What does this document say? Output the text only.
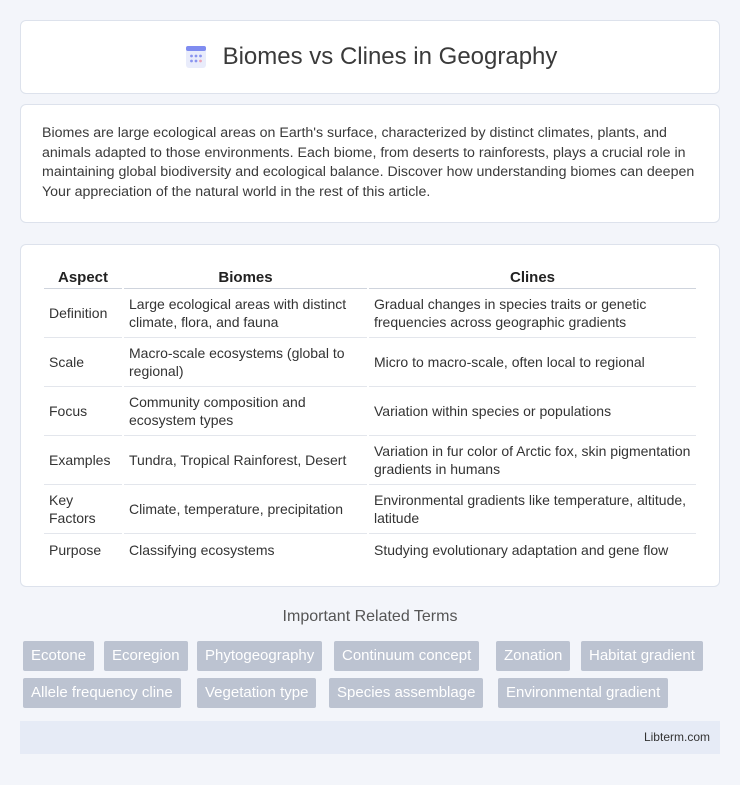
Biomes vs Clines in Geography

Biomes are large ecological areas on Earth's surface, characterized by distinct climates, plants, and animals adapted to those environments. Each biome, from deserts to rainforests, plays a crucial role in maintaining global biodiversity and ecological balance. Discover how understanding biomes can deepen Your appreciation of the natural world in the rest of this article.

Aspect	Biomes	Clines
Definition	Large ecological areas with distinct climate, flora, and fauna	Gradual changes in species traits or genetic frequencies across geographic gradients
Scale	Macro-scale ecosystems (global to regional)	Micro to macro-scale, often local to regional
Focus	Community composition and ecosystem types	Variation within species or populations
Examples	Tundra, Tropical Rainforest, Desert	Variation in fur color of Arctic fox, skin pigmentation gradients in humans
Key Factors	Climate, temperature, precipitation	Environmental gradients like temperature, altitude, latitude
Purpose	Classifying ecosystems	Studying evolutionary adaptation and gene flow
Important Related Terms
Ecotone	Ecoregion	Phytogeography	Continuum concept	Zonation	Habitat gradient
Allele frequency cline	Vegetation type	Species assemblage	Environmental gradient
Libterm.com
